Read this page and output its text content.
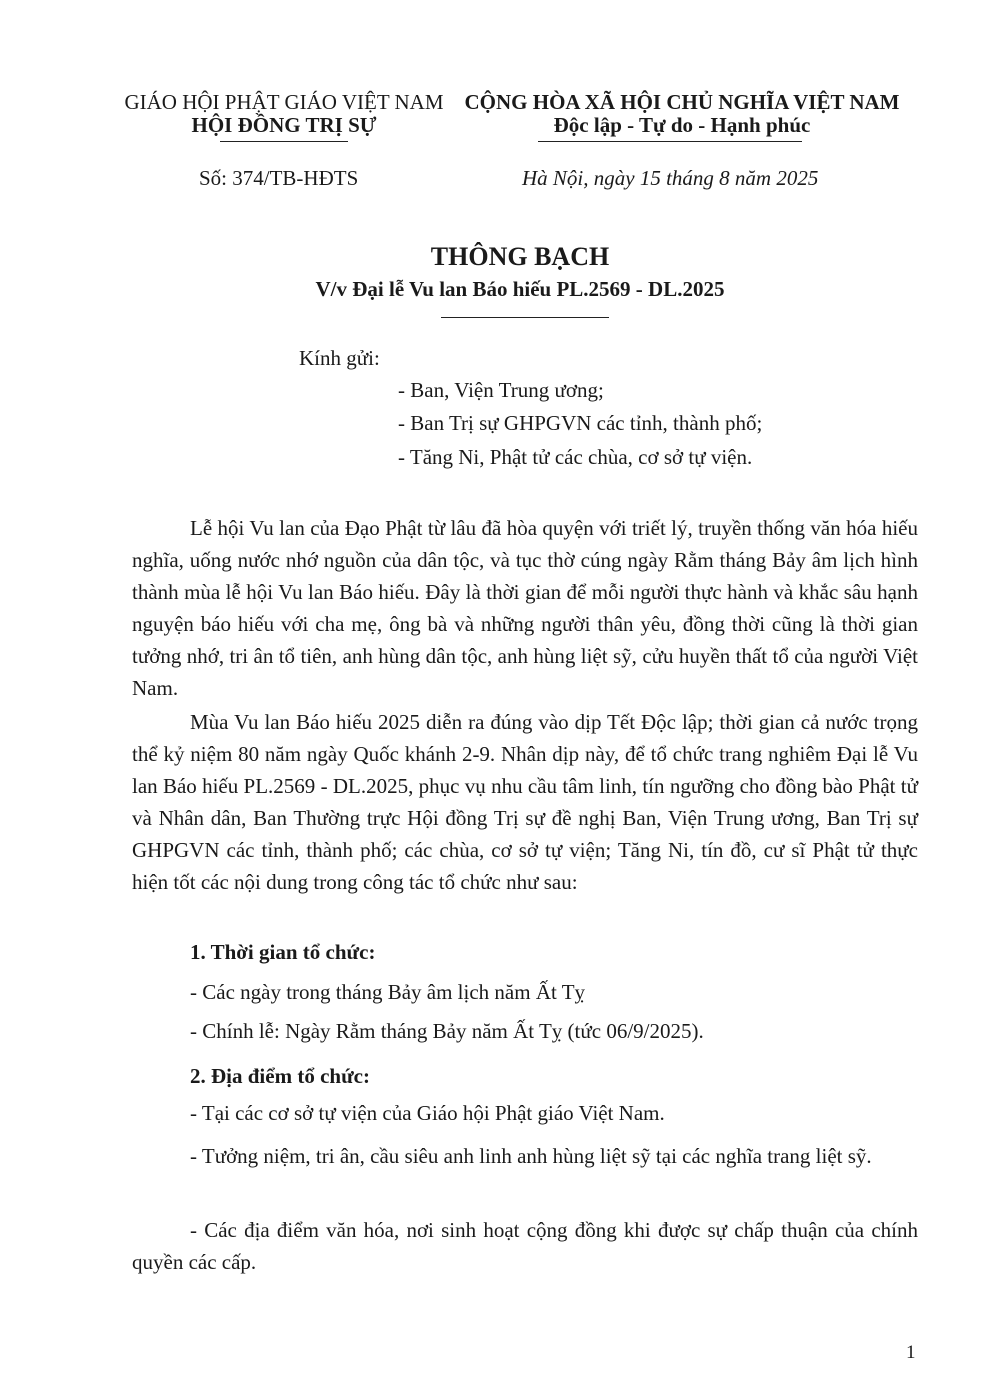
GIÁO HỘI PHẬT GIÁO VIỆT NAM
HỘI ĐỒNG TRỊ SỰ
CỘNG HÒA XÃ HỘI CHỦ NGHĨA VIỆT NAM
Độc lập - Tự do - Hạnh phúc
Số: 374/TB-HĐTS	Hà Nội, ngày 15 tháng 8 năm 2025
THÔNG BẠCH
V/v Đại lễ Vu lan Báo hiếu PL.2569 - DL.2025
Kính gửi:
- Ban, Viện Trung ương;
- Ban Trị sự GHPGVN các tỉnh, thành phố;
- Tăng Ni, Phật tử các chùa, cơ sở tự viện.

Lễ hội Vu lan của Đạo Phật từ lâu đã hòa quyện với triết lý, truyền thống văn hóa hiếu nghĩa, uống nước nhớ nguồn của dân tộc, và tục thờ cúng ngày Rằm tháng Bảy âm lịch hình thành mùa lễ hội Vu lan Báo hiếu. Đây là thời gian để mỗi người thực hành và khắc sâu hạnh nguyện báo hiếu với cha mẹ, ông bà và những người thân yêu, đồng thời cũng là thời gian tưởng nhớ, tri ân tổ tiên, anh hùng dân tộc, anh hùng liệt sỹ, cửu huyền thất tổ của người Việt Nam.

Mùa Vu lan Báo hiếu 2025 diễn ra đúng vào dịp Tết Độc lập; thời gian cả nước trọng thể kỷ niệm 80 năm ngày Quốc khánh 2-9. Nhân dịp này, để tổ chức trang nghiêm Đại lễ Vu lan Báo hiếu PL.2569 - DL.2025, phục vụ nhu cầu tâm linh, tín ngưỡng cho đồng bào Phật tử và Nhân dân, Ban Thường trực Hội đồng Trị sự đề nghị Ban, Viện Trung ương, Ban Trị sự GHPGVN các tỉnh, thành phố; các chùa, cơ sở tự viện; Tăng Ni, tín đồ, cư sĩ Phật tử thực hiện tốt các nội dung trong công tác tổ chức như sau:

1. Thời gian tổ chức:
- Các ngày trong tháng Bảy âm lịch năm Ất Tỵ
- Chính lễ: Ngày Rằm tháng Bảy năm Ất Tỵ (tức 06/9/2025).
2. Địa điểm tổ chức:
- Tại các cơ sở tự viện của Giáo hội Phật giáo Việt Nam.

- Tưởng niệm, tri ân, cầu siêu anh linh anh hùng liệt sỹ tại các nghĩa trang liệt sỹ.

- Các địa điểm văn hóa, nơi sinh hoạt cộng đồng khi được sự chấp thuận của chính quyền các cấp.

1
